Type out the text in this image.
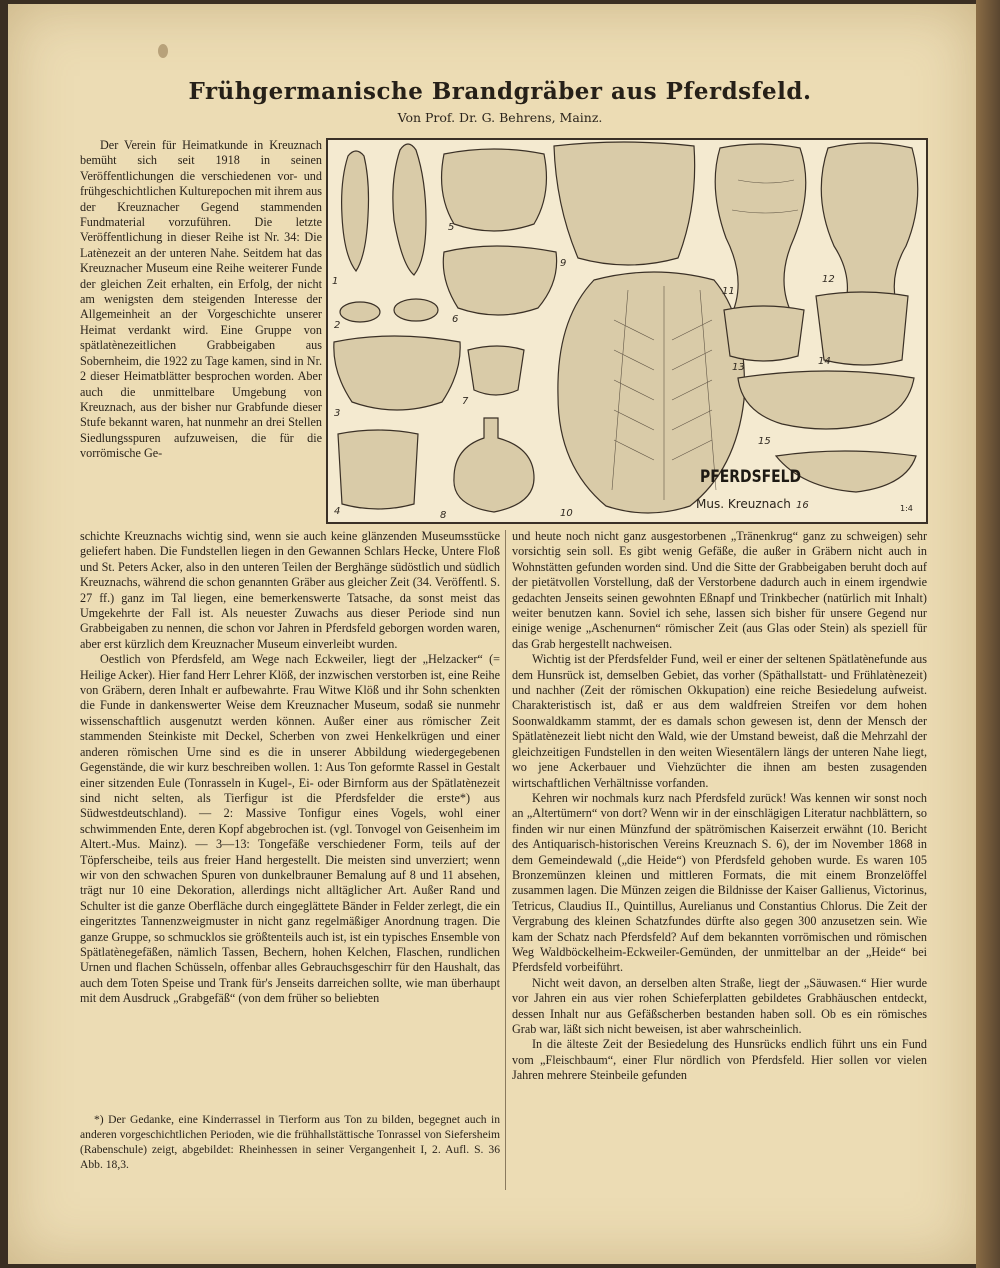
Frühgermanische Brandgräber aus Pferdsfeld.
Von Prof. Dr. G. Behrens, Mainz.

Der Verein für Heimatkunde in Kreuznach bemüht sich seit 1918 in seinen Veröffentlichungen die verschiedenen vor- und frühgeschichtlichen Kulturepochen mit ihrem aus der Kreuznacher Gegend stammenden Fundmaterial vorzuführen. Die letzte Veröffentlichung in dieser Reihe ist Nr. 34: Die Latènezeit an der unteren Nahe. Seitdem hat das Kreuznacher Museum eine Reihe weiterer Funde der gleichen Zeit erhalten, ein Erfolg, der nicht am wenigsten dem steigenden Interesse der Allgemeinheit an der Vorgeschichte unserer Heimat verdankt wird. Eine Gruppe von spätlatènezeitlichen Grabbeigaben aus Sobernheim, die 1922 zu Tage kamen, sind in Nr. 2 dieser Heimatblätter besprochen worden. Aber auch die unmittelbare Umgebung von Kreuznach, aus der bisher nur Grabfunde dieser Stufe bekannt waren, hat nunmehr an drei Stellen Siedlungsspuren aufzuweisen, die für die vorrömische Ge-

1
2
3
4
5
6
7
8
9
10
11
12
13
14
15
16
PFERDSFELD
Mus. Kreuznach	1:4

schichte Kreuznachs wichtig sind, wenn sie auch keine glänzenden Museumsstücke geliefert haben. Die Fundstellen liegen in den Gewannen Schlars Hecke, Untere Floß und St. Peters Acker, also in den unteren Teilen der Berghänge südöstlich und südlich Kreuznachs, während die schon genannten Gräber aus gleicher Zeit (34. Veröffentl. S. 27 ff.) ganz im Tal liegen, eine bemerkenswerte Tatsache, da sonst meist das Umgekehrte der Fall ist. Als neuester Zuwachs aus dieser Periode sind nun Grabbeigaben zu nennen, die schon vor Jahren in Pferdsfeld geborgen worden waren, aber erst kürzlich dem Kreuznacher Museum einverleibt wurden.

Oestlich von Pferdsfeld, am Wege nach Eckweiler, liegt der „Helzacker“ (= Heilige Acker). Hier fand Herr Lehrer Klöß, der inzwischen verstorben ist, eine Reihe von Gräbern, deren Inhalt er aufbewahrte. Frau Witwe Klöß und ihr Sohn schenkten die Funde in dankenswerter Weise dem Kreuznacher Museum, sodaß sie nunmehr wissenschaftlich ausgenutzt werden können. Außer einer aus römischer Zeit stammenden Steinkiste mit Deckel, Scherben von zwei Henkelkrügen und einer anderen römischen Urne sind es die in unserer Abbildung wiedergegebenen Gegenstände, die wir kurz beschreiben wollen. 1: Aus Ton geformte Rassel in Gestalt einer sitzenden Eule (Tonrasseln in Kugel-, Ei- oder Birnform aus der Spätlatènezeit sind nicht selten, als Tierfigur ist die Pferdsfelder die erste*) aus Südwestdeutschland). — 2: Massive Tonfigur eines Vogels, wohl einer schwimmenden Ente, deren Kopf abgebrochen ist. (vgl. Tonvogel von Geisenheim im Altert.-Mus. Mainz). — 3—13: Tongefäße verschiedener Form, teils auf der Töpferscheibe, teils aus freier Hand hergestellt. Die meisten sind unverziert; wenn wir von den schwachen Spuren von dunkelbrauner Bemalung auf 8 und 11 absehen, trägt nur 10 eine Dekoration, allerdings nicht alltäglicher Art. Außer Rand und Schulter ist die ganze Oberfläche durch eingeglättete Bänder in Felder zerlegt, die ein eingeritztes Tannenzweigmuster in nicht ganz regelmäßiger Anordnung tragen. Die ganze Gruppe, so schmucklos sie größtenteils auch ist, ist ein typisches Ensemble von Spätlatènegefäßen, nämlich Tassen, Bechern, hohen Kelchen, Flaschen, rundlichen Urnen und flachen Schüsseln, offenbar alles Gebrauchsgeschirr für den Haushalt, das auch dem Toten Speise und Trank für's Jenseits darreichen sollte, wie man überhaupt mit dem Ausdruck „Grabgefäß“ (von dem früher so beliebten

*) Der Gedanke, eine Kinderrassel in Tierform aus Ton zu bilden, begegnet auch in anderen vorgeschichtlichen Perioden, wie die frühhallstättische Tonrassel von Siefersheim (Rabenschule) zeigt, abgebildet: Rheinhessen in seiner Vergangenheit I, 2. Aufl. S. 36 Abb. 18,3.

und heute noch nicht ganz ausgestorbenen „Tränenkrug“ ganz zu schweigen) sehr vorsichtig sein soll. Es gibt wenig Gefäße, die außer in Gräbern nicht auch in Wohnstätten gefunden worden sind. Und die Sitte der Grabbeigaben beruht doch auf der pietätvollen Vorstellung, daß der Verstorbene dadurch auch in einem irgendwie gedachten Jenseits seinen gewohnten Eßnapf und Trinkbecher (natürlich mit Inhalt) weiter benutzen kann. Soviel ich sehe, lassen sich bisher für unsere Gegend nur einige wenige „Aschenurnen“ römischer Zeit (aus Glas oder Stein) als speziell für das Grab hergestellt nachweisen.

Wichtig ist der Pferdsfelder Fund, weil er einer der seltenen Spätlatènefunde aus dem Hunsrück ist, demselben Gebiet, das vorher (Späthallstatt- und Frühlatènezeit) und nachher (Zeit der römischen Okkupation) eine reiche Besiedelung aufweist. Charakteristisch ist, daß er aus dem waldfreien Streifen vor dem hohen Soonwaldkamm stammt, der es damals schon gewesen ist, denn der Mensch der Spätlatènezeit liebt nicht den Wald, wie der Umstand beweist, daß die Mehrzahl der gleichzeitigen Fundstellen in den weiten Wiesentälern längs der unteren Nahe liegt, wo jene Ackerbauer und Viehzüchter die ihnen am besten zusagenden wirtschaftlichen Verhältnisse vorfanden.

Kehren wir nochmals kurz nach Pferdsfeld zurück! Was kennen wir sonst noch an „Altertümern“ von dort? Wenn wir in der einschlägigen Literatur nachblättern, so finden wir nur einen Münzfund der spätrömischen Kaiserzeit erwähnt (10. Bericht des Antiquarisch-historischen Vereins Kreuznach S. 6), der im November 1868 in dem Gemeindewald („die Heide“) von Pferdsfeld gehoben wurde. Es waren 105 Bronzemünzen kleinen und mittleren Formats, die mit einem Bronzelöffel zusammen lagen. Die Münzen zeigen die Bildnisse der Kaiser Gallienus, Victorinus, Tetricus, Claudius II., Quintillus, Aurelianus und Constantius Chlorus. Die Zeit der Vergrabung des kleinen Schatzfundes dürfte also gegen 300 anzusetzen sein. Wie kam der Schatz nach Pferdsfeld? Auf dem bekannten vorrömischen und römischen Weg Waldböckelheim-Eckweiler-Gemünden, der unmittelbar an der „Heide“ bei Pferdsfeld vorbeiführt.

Nicht weit davon, an derselben alten Straße, liegt der „Säuwasen.“ Hier wurde vor Jahren ein aus vier rohen Schieferplatten gebildetes Grabhäuschen entdeckt, dessen Inhalt nur aus Gefäßscherben bestanden haben soll. Ob es ein römisches Grab war, läßt sich nicht beweisen, ist aber wahrscheinlich.

In die älteste Zeit der Besiedelung des Hunsrücks endlich führt uns ein Fund vom „Fleischbaum“, einer Flur nördlich von Pferdsfeld. Hier sollen vor vielen Jahren mehrere Steinbeile gefunden
